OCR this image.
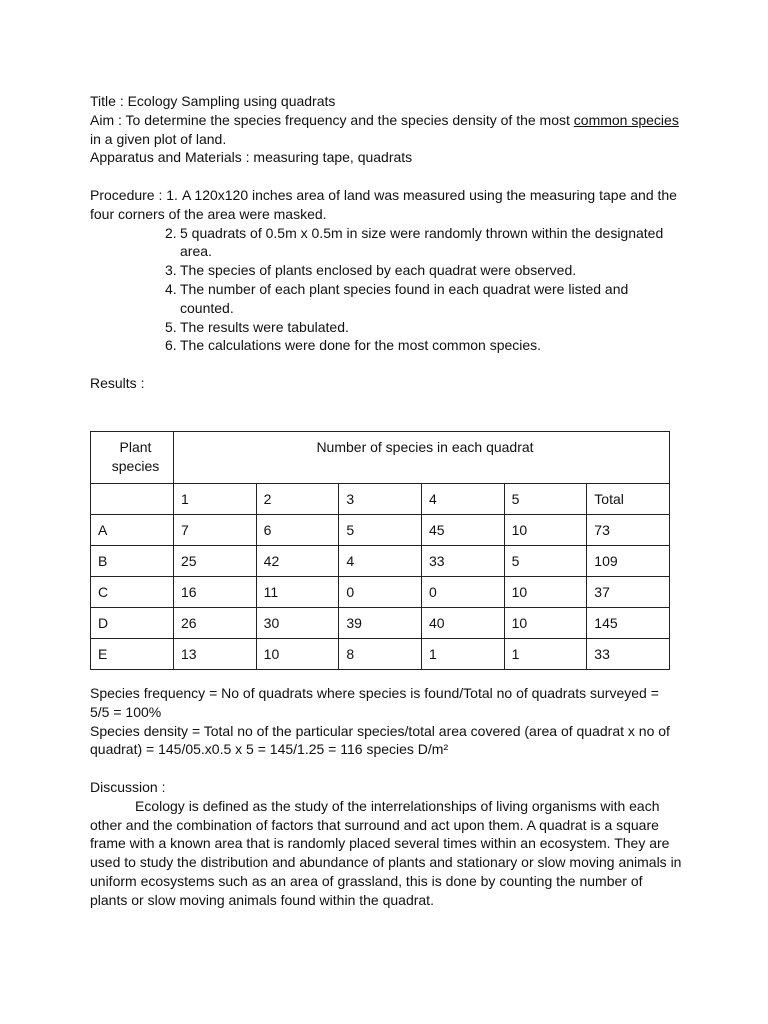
Title : Ecology Sampling using quadrats

Aim : To determine the species frequency and the species density of the most common species

in a given plot of land.

Apparatus and Materials : measuring tape, quadrats

Procedure : 1. A 120x120 inches area of land was measured using the measuring tape and the
four corners of the area were masked.
2. 5 quadrats of 0.5m x 0.5m in size were randomly thrown within the designated area.
3. The species of plants enclosed by each quadrat were observed.
4. The number of each plant species found in each quadrat were listed and counted.
5. The results were tabulated.
6. The calculations were done for the most common species.

Results :

Plant species	Number of species in each quadrat					
	1	2	3	4	5	Total
A	7	6	5	45	10	73
B	25	42	4	33	5	109
C	16	11	0	0	10	37
D	26	30	39	40	10	145
E	13	10	8	1	1	33

Species frequency = No of quadrats where species is found/Total no of quadrats surveyed = 5/5 = 100%

Species density = Total no of the particular species/total area covered (area of quadrat x no of quadrat) = 145/05.x0.5 x 5 = 145/1.25 = 116 species D/m²

Discussion :

Ecology is defined as the study of the interrelationships of living organisms with each other and the combination of factors that surround and act upon them. A quadrat is a square frame with a known area that is randomly placed several times within an ecosystem. They are used to study the distribution and abundance of plants and stationary or slow moving animals in uniform ecosystems such as an area of grassland, this is done by counting the number of plants or slow moving animals found within the quadrat.
